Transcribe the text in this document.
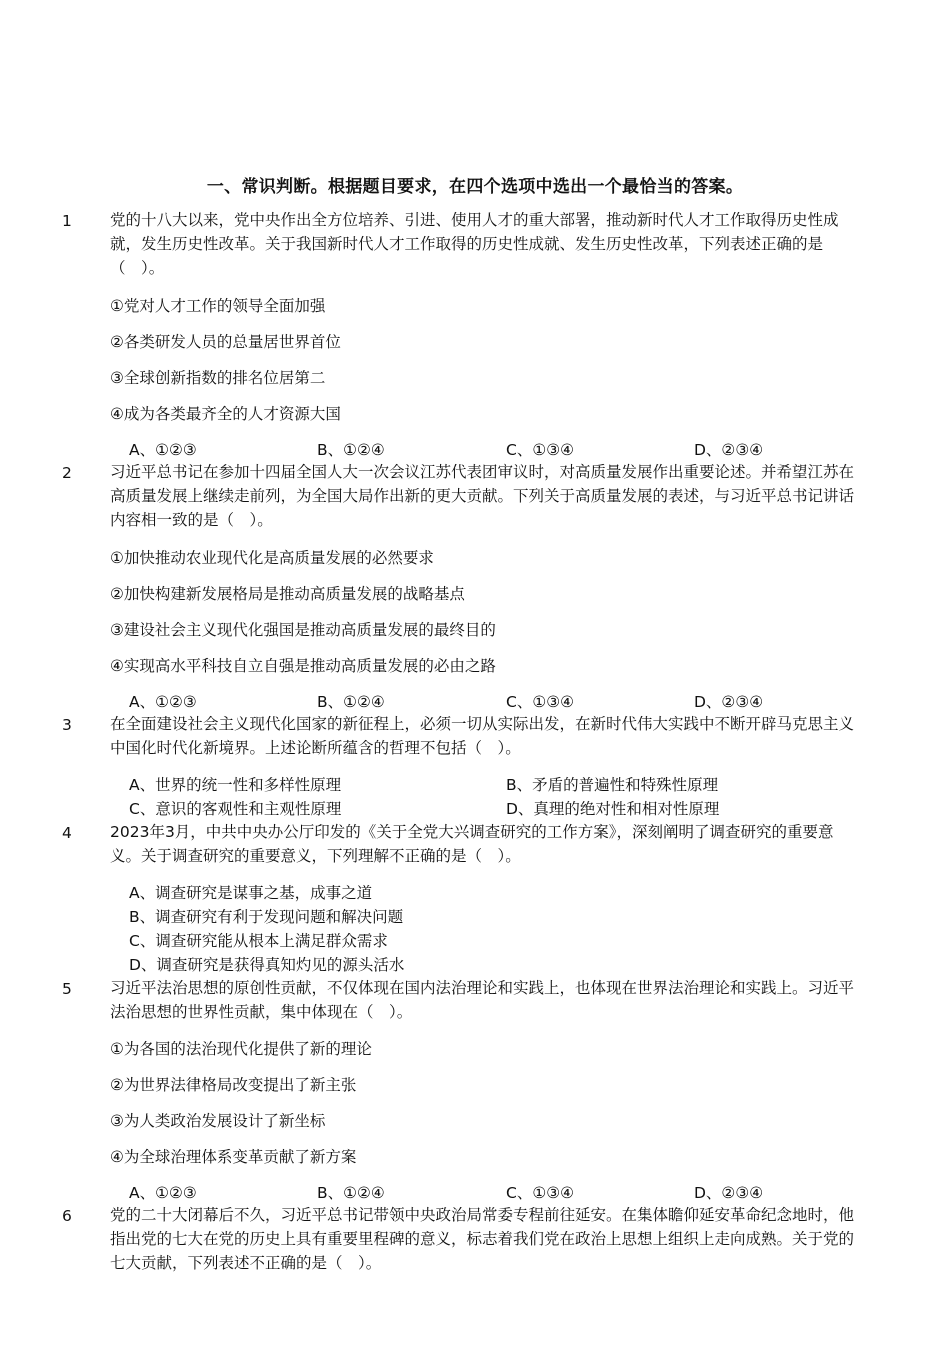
一、常识判断。根据题目要求，在四个选项中选出一个最恰当的答案。
1 党的十八大以来，党中央作出全方位培养、引进、使用人才的重大部署，推动新时代人才工作取得历史性成就，发生历史性改革。关于我国新时代人才工作取得的历史性成就、发生历史性改革，下列表述正确的是（　）。
①党对人才工作的领导全面加强
②各类研发人员的总量居世界首位
③全球创新指数的排名位居第二
④成为各类最齐全的人才资源大国
A、①②③	B、①②④	C、①③④	D、②③④
2 习近平总书记在参加十四届全国人大一次会议江苏代表团审议时，对高质量发展作出重要论述。并希望江苏在高质量发展上继续走前列，为全国大局作出新的更大贡献。下列关于高质量发展的表述，与习近平总书记讲话内容相一致的是（　）。
①加快推动农业现代化是高质量发展的必然要求
②加快构建新发展格局是推动高质量发展的战略基点
③建设社会主义现代化强国是推动高质量发展的最终目的
④实现高水平科技自立自强是推动高质量发展的必由之路
A、①②③	B、①②④	C、①③④	D、②③④
3 在全面建设社会主义现代化国家的新征程上，必须一切从实际出发，在新时代伟大实践中不断开辟马克思主义中国化时代化新境界。上述论断所蕴含的哲理不包括（　）。
A、世界的统一性和多样性原理	B、矛盾的普遍性和特殊性原理
C、意识的客观性和主观性原理	D、真理的绝对性和相对性原理
4 2023年3月，中共中央办公厅印发的《关于全党大兴调查研究的工作方案》，深刻阐明了调查研究的重要意义。关于调查研究的重要意义，下列理解不正确的是（　）。
A、调查研究是谋事之基，成事之道
B、调查研究有利于发现问题和解决问题
C、调查研究能从根本上满足群众需求
D、调查研究是获得真知灼见的源头活水
5 习近平法治思想的原创性贡献，不仅体现在国内法治理论和实践上，也体现在世界法治理论和实践上。习近平法治思想的世界性贡献，集中体现在（　）。
①为各国的法治现代化提供了新的理论
②为世界法律格局改变提出了新主张
③为人类政治发展设计了新坐标
④为全球治理体系变革贡献了新方案
A、①②③	B、①②④	C、①③④	D、②③④
6 党的二十大闭幕后不久，习近平总书记带领中央政治局常委专程前往延安。在集体瞻仰延安革命纪念地时，他指出党的七大在党的历史上具有重要里程碑的意义，标志着我们党在政治上思想上组织上走向成熟。关于党的七大贡献，下列表述不正确的是（　）。
